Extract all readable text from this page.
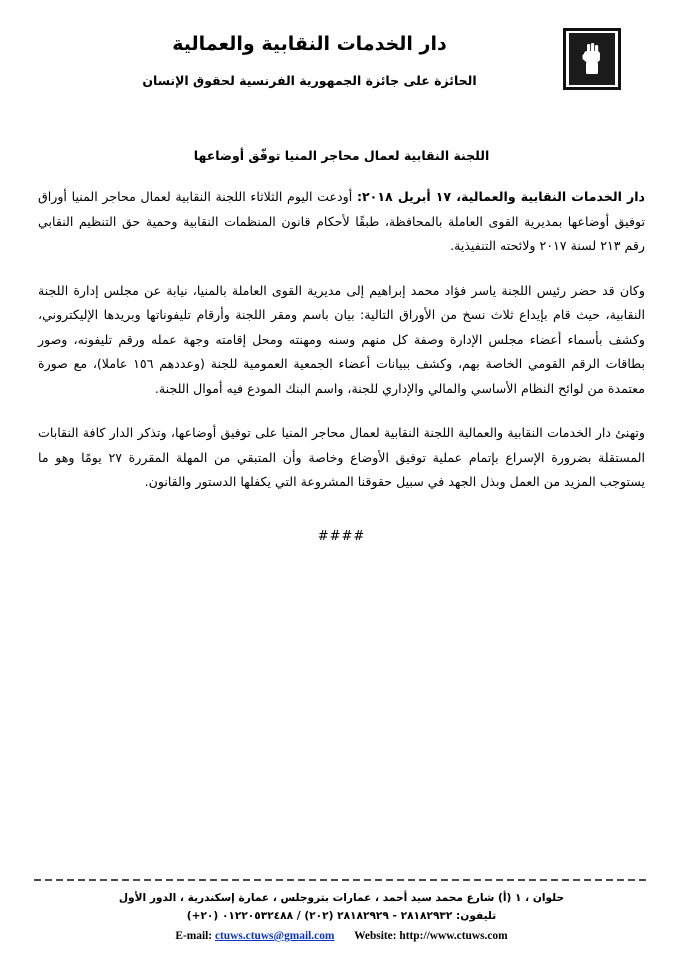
دار الخدمات النقابية والعمالية
الحائزة على جائزة الجمهورية الفرنسية لحقوق الإنسان
اللجنة النقابية لعمال محاجر المنيا توفّق أوضاعها

دار الخدمات النقابية والعمالية، ١٧ أبريل ٢٠١٨: أودعت اليوم الثلاثاء اللجنة النقابية لعمال محاجر المنيا أوراق توفيق أوضاعها بمديرية القوى العاملة بالمحافظة، طبقًا لأحكام قانون المنظمات النقابية وحمية حق التنظيم النقابي رقم ٢١٣ لسنة ٢٠١٧ ولائحته التنفيذية.

وكان قد حضر رئيس اللجنة ياسر فؤاد محمد إبراهيم إلى مديرية القوى العاملة بالمنيا، نيابة عن مجلس إدارة اللجنة النقابية، حيث قام بإيداع ثلاث نسخ من الأوراق التالية: بيان باسم ومقر اللجنة وأرقام تليفوناتها وبريدها الإليكتروني، وكشف بأسماء أعضاء مجلس الإدارة وصفة كل منهم وسنه ومهنته ومحل إقامته وجهة عمله ورقم تليفونه، وصور بطاقات الرقم القومي الخاصة بهم، وكشف ببيانات أعضاء الجمعية العمومية للجنة (وعددهم ١٥٦ عاملا)، مع صورة معتمدة من لوائح النظام الأساسي والمالي والإداري للجنة، واسم البنك المودع فيه أموال اللجنة.

وتهنئ دار الخدمات النقابية والعمالية اللجنة النقابية لعمال محاجر المنيا على توفيق أوضاعها، وتذكر الدار كافة النقابات المستقلة بضرورة الإسراع بإتمام عملية توفيق الأوضاع وخاصة وأن المتبقي من المهلة المقررة ٢٧ يومًا وهو ما يستوجب المزيد من العمل وبذل الجهد في سبيل حقوقنا المشروعة التي يكفلها الدستور والقانون.

####
حلوان ، ١ (أ) شارع محمد سيد أحمد ، عمارات بتروجلس ، عمارة إسكندرية ، الدور الأول
تليفون: ٢٨١٨٢٩٣٢ - ٢٨١٨٢٩٢٩ (٢٠٢) / ٠١٢٢٠٥٣٢٤٨٨ (٢٠+)
E-mail: ctuws.ctuws@gmail.com Website: http://www.ctuws.com
